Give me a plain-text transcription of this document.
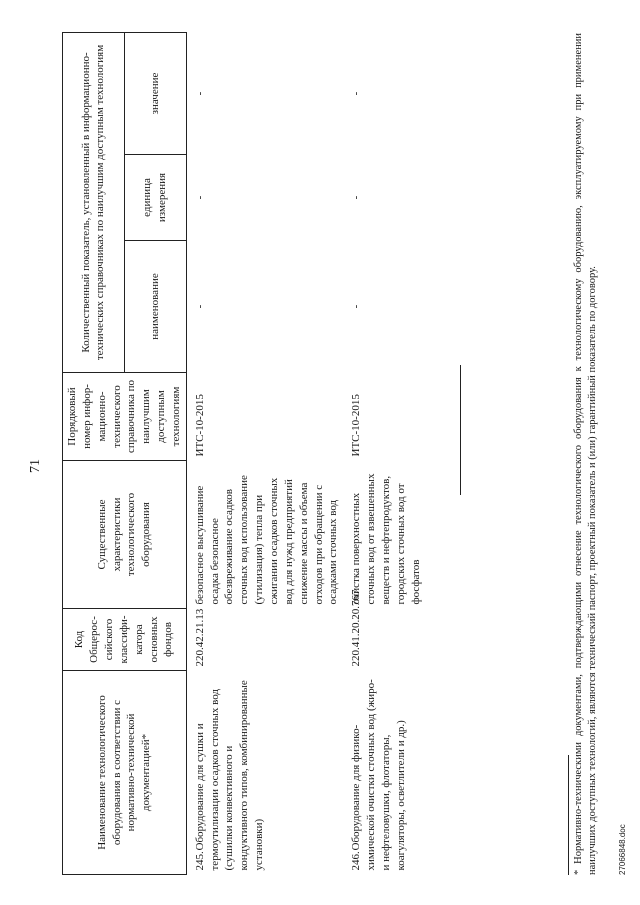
71
Наименование технологического оборудования в соответствии с нормативно-технической документацией*	Код Общерос-сийского классифи-катора основных фондов	Существенные характеристики технологического оборудования	Порядковый номер инфор-мационно-технического справочника по наилучшим доступным технологиям	Количественный показатель, установленный в информационно-технических справочниках по наилучшим доступным технологиям		
				наименование	единица измерения	значение
245.Оборудование для сушки и термоутилизации осадков сточных вод (сушилки конвективного и кондуктивного типов, комбинированные установки)	220.42.21.13	безопасное высушивание осадка безопасное обезвреживание осадков сточных вод использование (утилизация) тепла при сжигании осадков сточных вод для нужд предприятий снижение массы и объема отходов при обращении с осадками сточных вод	ИТС-10-2015	-	-	-
246.Оборудование для физико-химической очистки сточных вод (жиро- и нефтеловушки, флотаторы, коагуляторы, осветлители и др.)	220.41.20.20.767	очистка поверхностных сточных вод от взвешенных веществ и нефтепродуктов, городских сточных вод от фосфатов	ИТС-10-2015	-	-	-	* Нормативно-техническими документами, подтверждающими отнесение технологического оборудования к технологическому оборудованию, эксплуатируемому при применении наилучших доступных технологий, являются технический паспорт, проектный показатель и (или) гарантийный показатель по договору. 27066848.doc
